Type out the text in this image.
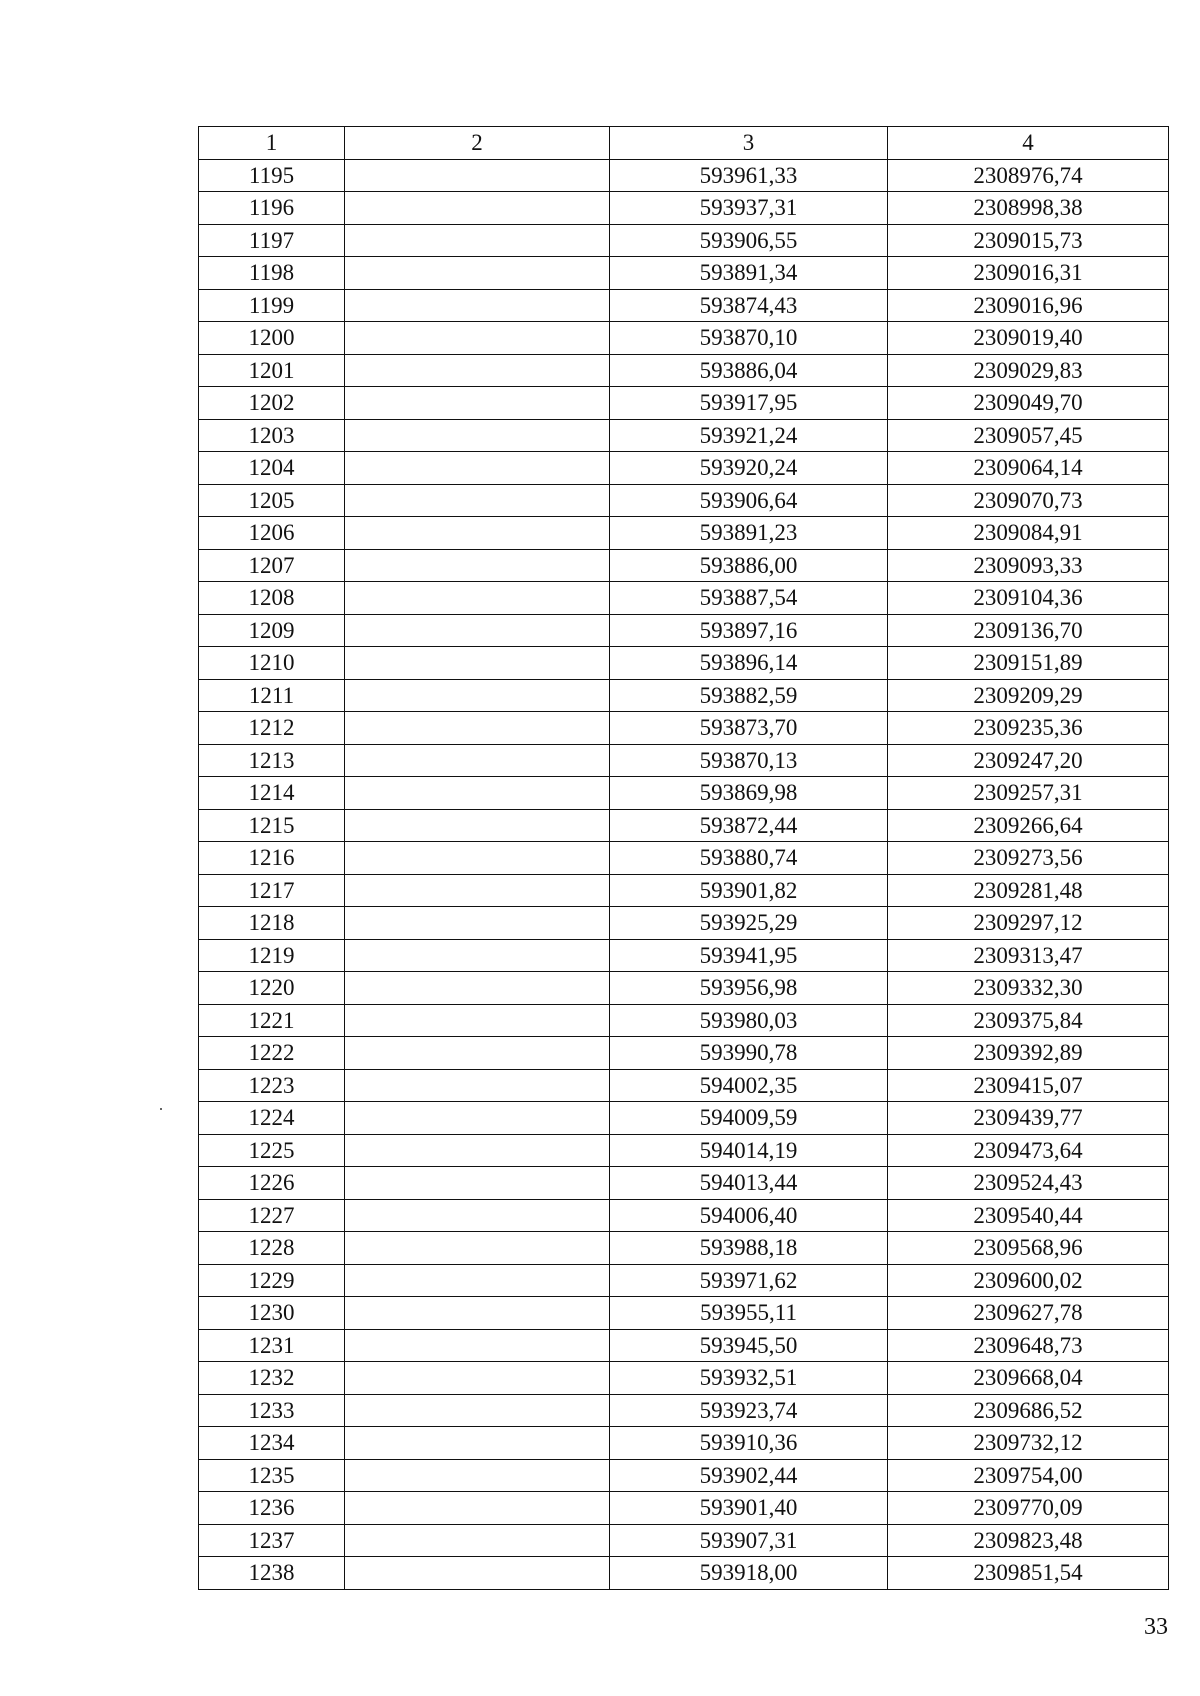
1	2	3	4
1195		593961,33	2308976,74
1196		593937,31	2308998,38
1197		593906,55	2309015,73
1198		593891,34	2309016,31
1199		593874,43	2309016,96
1200		593870,10	2309019,40
1201		593886,04	2309029,83
1202		593917,95	2309049,70
1203		593921,24	2309057,45
1204		593920,24	2309064,14
1205		593906,64	2309070,73
1206		593891,23	2309084,91
1207		593886,00	2309093,33
1208		593887,54	2309104,36
1209		593897,16	2309136,70
1210		593896,14	2309151,89
1211		593882,59	2309209,29
1212		593873,70	2309235,36
1213		593870,13	2309247,20
1214		593869,98	2309257,31
1215		593872,44	2309266,64
1216		593880,74	2309273,56
1217		593901,82	2309281,48
1218		593925,29	2309297,12
1219		593941,95	2309313,47
1220		593956,98	2309332,30
1221		593980,03	2309375,84
1222		593990,78	2309392,89
1223		594002,35	2309415,07
1224		594009,59	2309439,77
1225		594014,19	2309473,64
1226		594013,44	2309524,43
1227		594006,40	2309540,44
1228		593988,18	2309568,96
1229		593971,62	2309600,02
1230		593955,11	2309627,78
1231		593945,50	2309648,73
1232		593932,51	2309668,04
1233		593923,74	2309686,52
1234		593910,36	2309732,12
1235		593902,44	2309754,00
1236		593901,40	2309770,09
1237		593907,31	2309823,48
1238		593918,00	2309851,54
33
